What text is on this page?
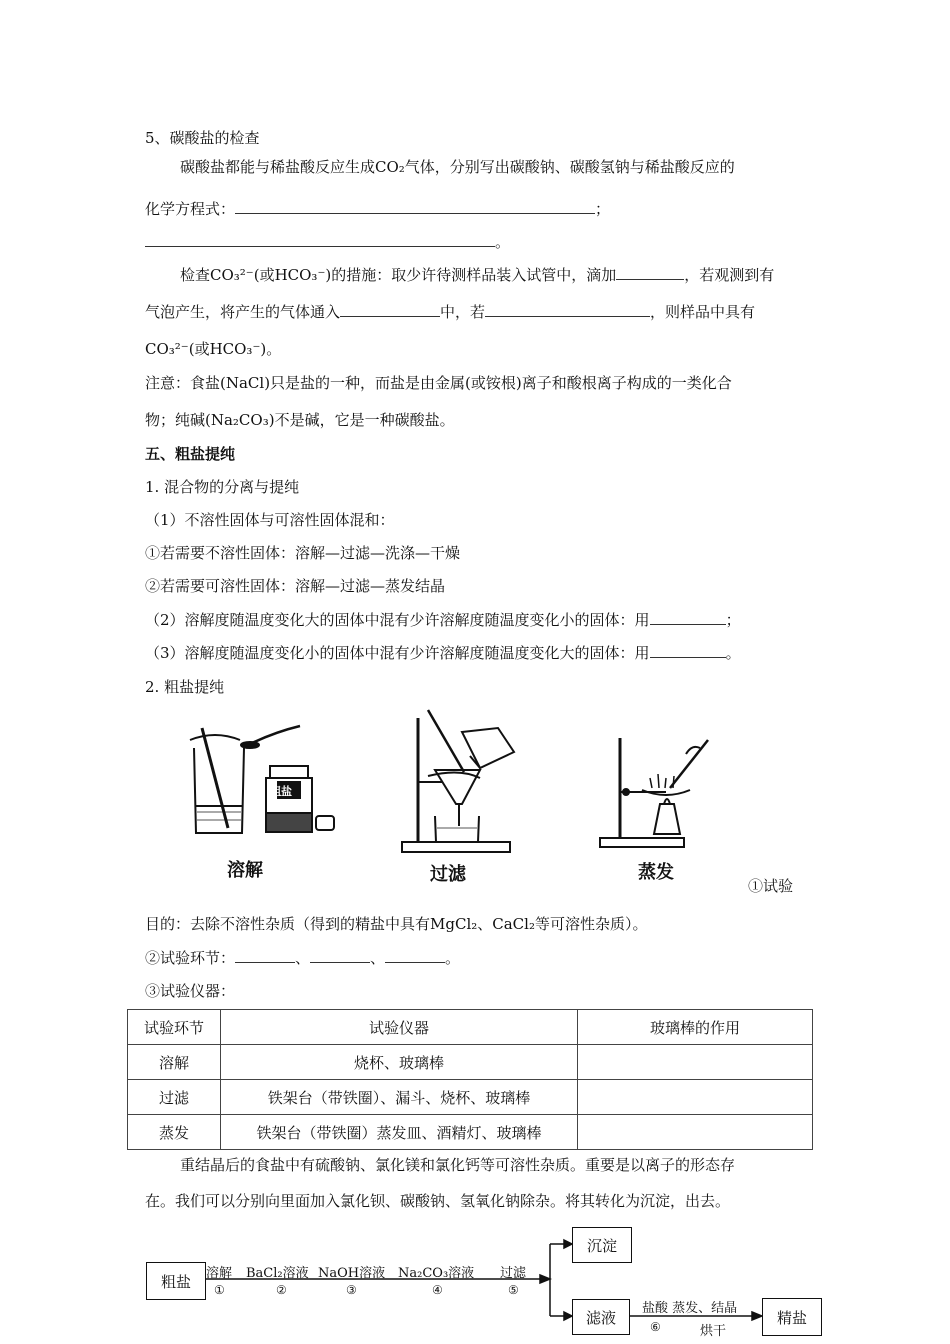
5、碳酸盐的检查
碳酸盐都能与稀盐酸反应生成CO₂气体，分别写出碳酸钠、碳酸氢钠与稀盐酸反应的
化学方程式：	；
。
检查CO₃²⁻(或HCO₃⁻)的措施：取少许待测样品装入试管中，滴加	，若观测到有
气泡产生，将产生的气体通入	中，若	，则样品中具有
CO₃²⁻(或HCO₃⁻)。
注意：食盐(NaCl)只是盐的一种，而盐是由金属(或铵根)离子和酸根离子构成的一类化合
物；纯碱(Na₂CO₃)不是碱，它是一种碳酸盐。
五、粗盐提纯
1. 混合物的分离与提纯
（1）不溶性固体与可溶性固体混和：
①若需要不溶性固体：溶解—过滤—洗涤—干燥
②若需要可溶性固体：溶解—过滤—蒸发结晶
（2）溶解度随温度变化大的固体中混有少许溶解度随温度变化小的固体：用	；
（3）溶解度随温度变化小的固体中混有少许溶解度随温度变化大的固体：用	。
2. 粗盐提纯
粗盐
溶解	过滤	蒸发
①试验
目的：去除不溶性杂质（得到的精盐中具有MgCl₂、CaCl₂等可溶性杂质）。
②试验环节：	、	、	。
③试验仪器：
试验环节	试验仪器	玻璃棒的作用
溶解	烧杯、玻璃棒	
过滤	铁架台（带铁圈）、漏斗、烧杯、玻璃棒	
蒸发	铁架台（带铁圈）蒸发皿、酒精灯、玻璃棒	
重结晶后的食盐中有硫酸钠、氯化镁和氯化钙等可溶性杂质。重要是以离子的形态存
在。我们可以分别向里面加入氯化钡、碳酸钠、氢氧化钠除杂。将其转化为沉淀，出去。
粗盐	溶解 BaCl₂溶液 NaOH溶液 Na₂CO₃溶液 过滤
①	②	③	④	⑤
沉淀
滤液	盐酸 蒸发、结晶
⑥	烘干
精盐
